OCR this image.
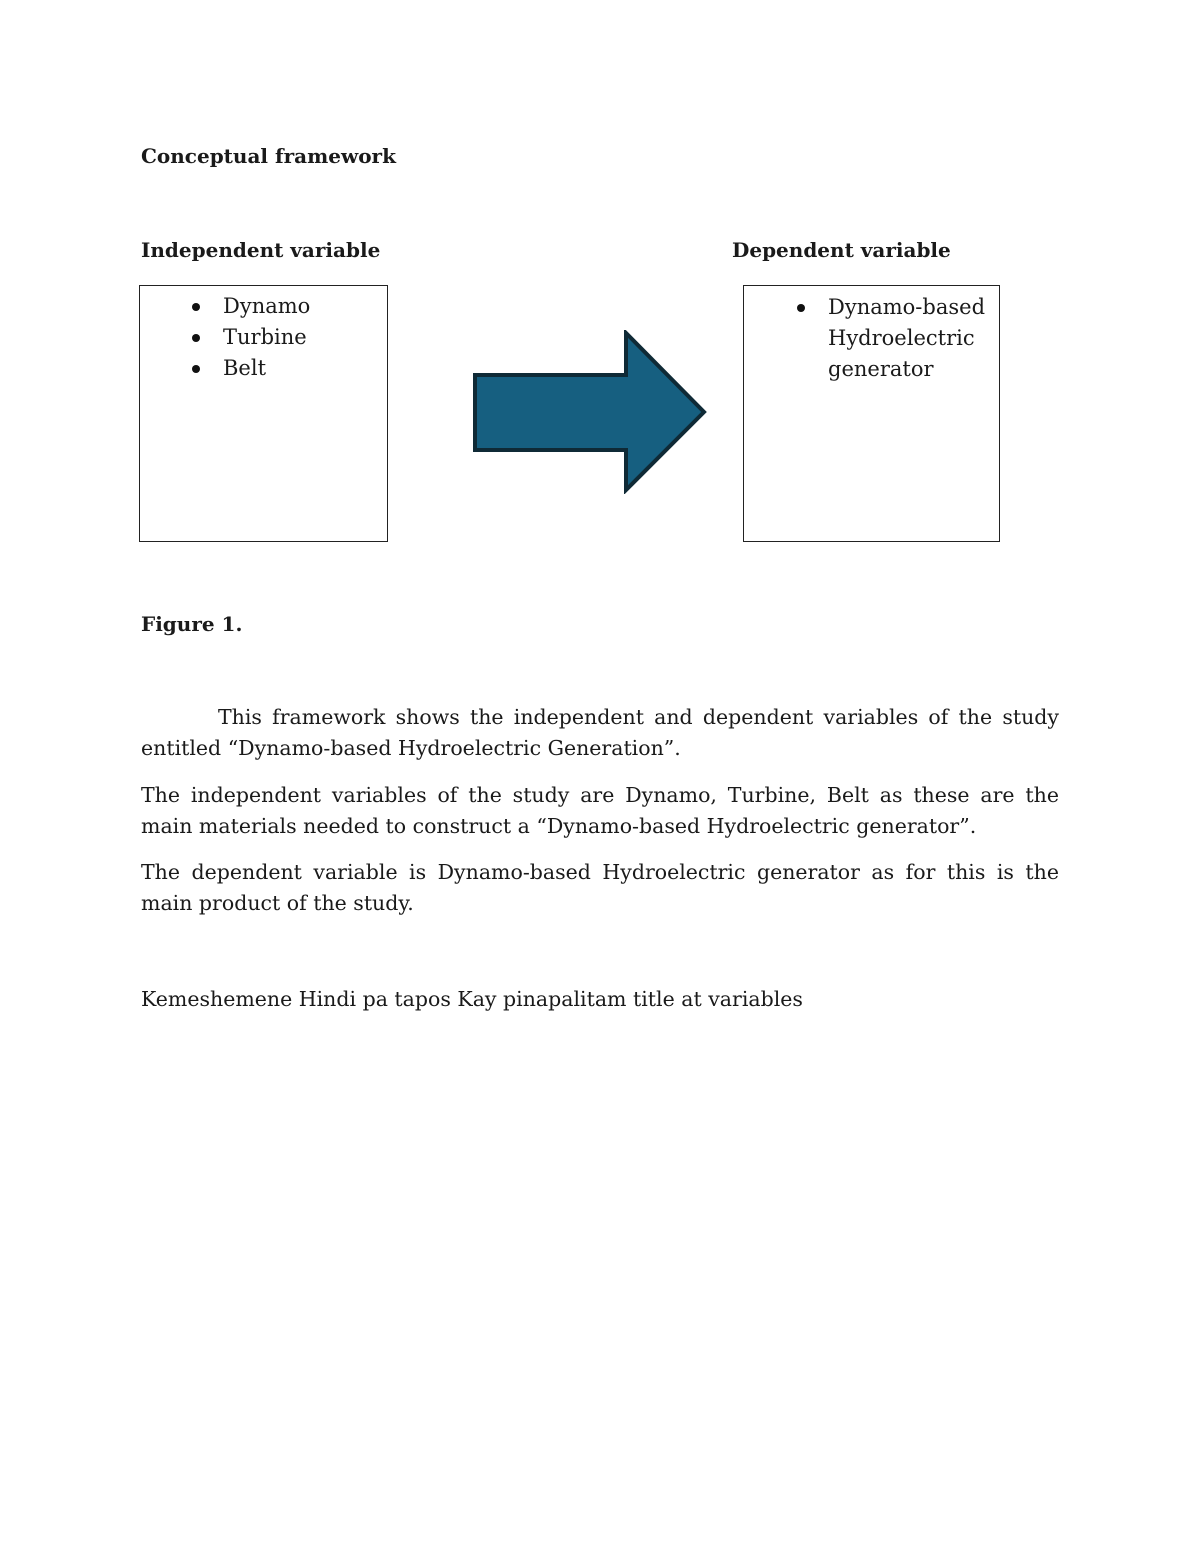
Conceptual framework
Independent variable	Dependent variable
Dynamo
Turbine
Belt
Dynamo-based Hydroelectric generator
Figure 1.
This framework shows the independent and dependent variables of the study entitled “Dynamo-based Hydroelectric Generation”.
The independent variables of the study are Dynamo, Turbine, Belt as these are the main materials needed to construct a “Dynamo-based Hydroelectric generator”.
The dependent variable is Dynamo-based Hydroelectric generator as for this is the main product of the study.
Kemeshemene Hindi pa tapos Kay pinapalitam title at variables
